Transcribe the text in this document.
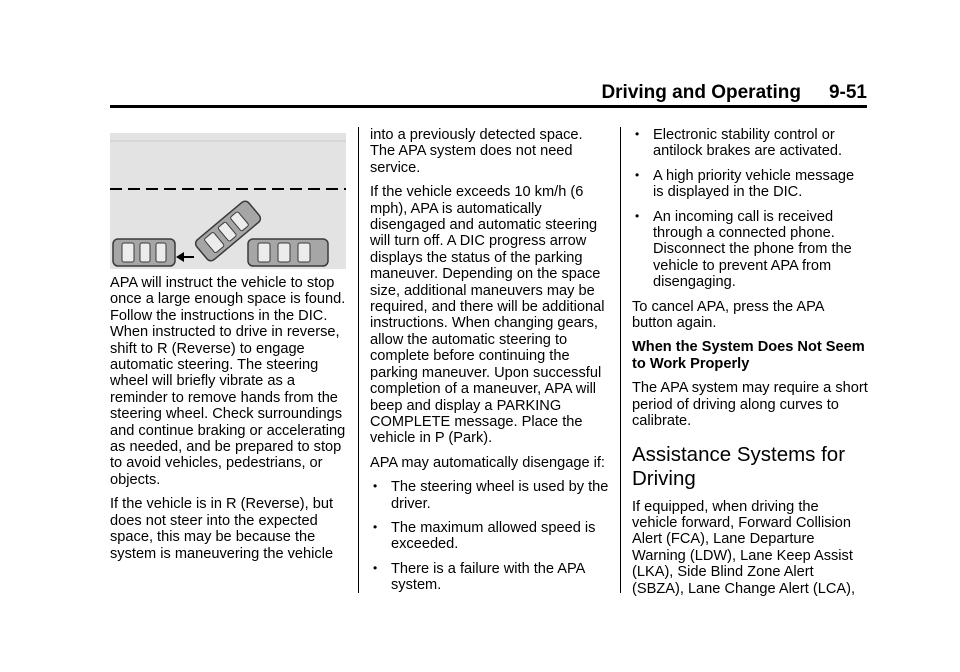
Driving and Operating 9-51

APA will instruct the vehicle to stop once a large enough space is found. Follow the instructions in the DIC. When instructed to drive in reverse, shift to R (Reverse) to engage automatic steering. The steering wheel will briefly vibrate as a reminder to remove hands from the steering wheel. Check surroundings and continue braking or accelerating as needed, and be prepared to stop to avoid vehicles, pedestrians, or objects.

If the vehicle is in R (Reverse), but does not steer into the expected space, this may be because the system is maneuvering the vehicle

into a previously detected space. The APA system does not need service.

If the vehicle exceeds 10 km/h (6 mph), APA is automatically disengaged and automatic steering will turn off. A DIC progress arrow displays the status of the parking maneuver. Depending on the space size, additional maneuvers may be required, and there will be additional instructions. When changing gears, allow the automatic steering to complete before continuing the parking maneuver. Upon successful completion of a maneuver, APA will beep and display a PARKING COMPLETE message. Place the vehicle in P (Park).

APA may automatically disengage if:

• The steering wheel is used by the driver.
• The maximum allowed speed is exceeded.
• There is a failure with the APA system.
• Electronic stability control or antilock brakes are activated.
• A high priority vehicle message is displayed in the DIC.
• An incoming call is received through a connected phone. Disconnect the phone from the vehicle to prevent APA from disengaging.

To cancel APA, press the APA button again.

When the System Does Not Seem to Work Properly

The APA system may require a short period of driving along curves to calibrate.

Assistance Systems for Driving

If equipped, when driving the vehicle forward, Forward Collision Alert (FCA), Lane Departure Warning (LDW), Lane Keep Assist (LKA), Side Blind Zone Alert (SBZA), Lane Change Alert (LCA),
